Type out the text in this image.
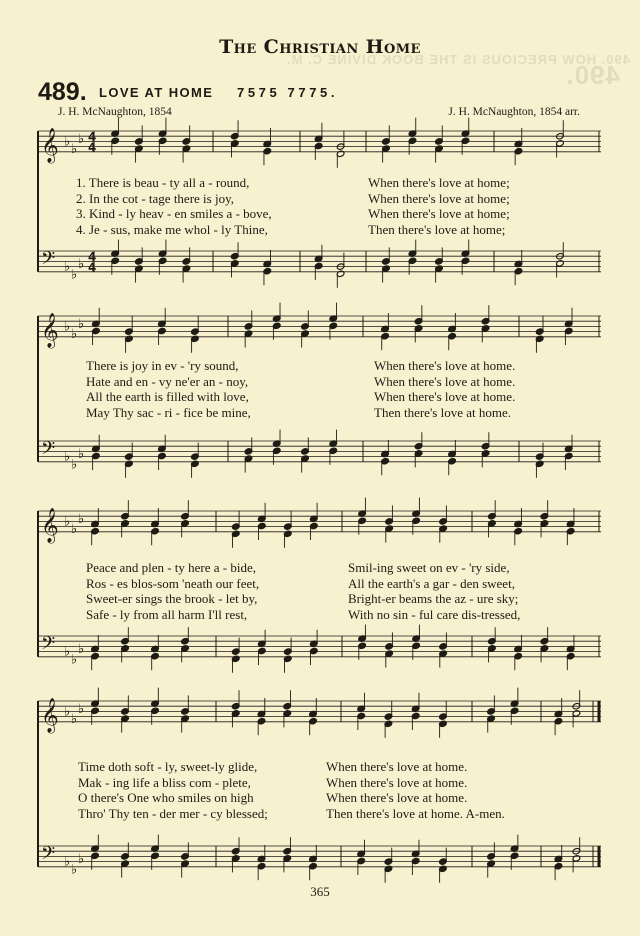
490. HOW PRECIOUS IS THE BOOK DIVINE C. M.
490.
The Christian Home
489. LOVE AT HOME 7575 7775.
J. H. McNaughton, 1854	J. H. McNaughton, 1854 arr.
𝄞 ♭
♭
♭ 4
4
𝄢 ♭
♭
♭
4
4
1. There is beau - ty all a - round,
2. In the cot - tage there is joy,
3. Kind - ly heav - en smiles a - bove,
4. Je - sus, make me whol - ly Thine,
When there's love at home;
When there's love at home;
When there's love at home;
Then there's love at home;
𝄞 ♭
♭
♭
𝄢 ♭
♭
♭
There is joy in ev - 'ry sound,
Hate and en - vy ne'er an - noy,
All the earth is filled with love,
May Thy sac - ri - fice be mine,
When there's love at home.
When there's love at home.
When there's love at home.
Then there's love at home.
𝄞 ♭
♭
♭
𝄢 ♭
♭
♭
Peace and plen - ty here a - bide,
Ros - es blos-som 'neath our feet,
Sweet-er sings the brook - let by,
Safe - ly from all harm I'll rest,
Smil-ing sweet on ev - 'ry side,
All the earth's a gar - den sweet,
Bright-er beams the az - ure sky;
With no sin - ful care dis-tressed,
𝄞 ♭
♭
♭
𝄢 ♭
♭
♭
Time doth soft - ly, sweet-ly glide,
Mak - ing life a bliss com - plete,
O there's One who smiles on high
Thro' Thy ten - der mer - cy blessed;
When there's love at home.
When there's love at home.
When there's love at home.
Then there's love at home. A-men.
365
